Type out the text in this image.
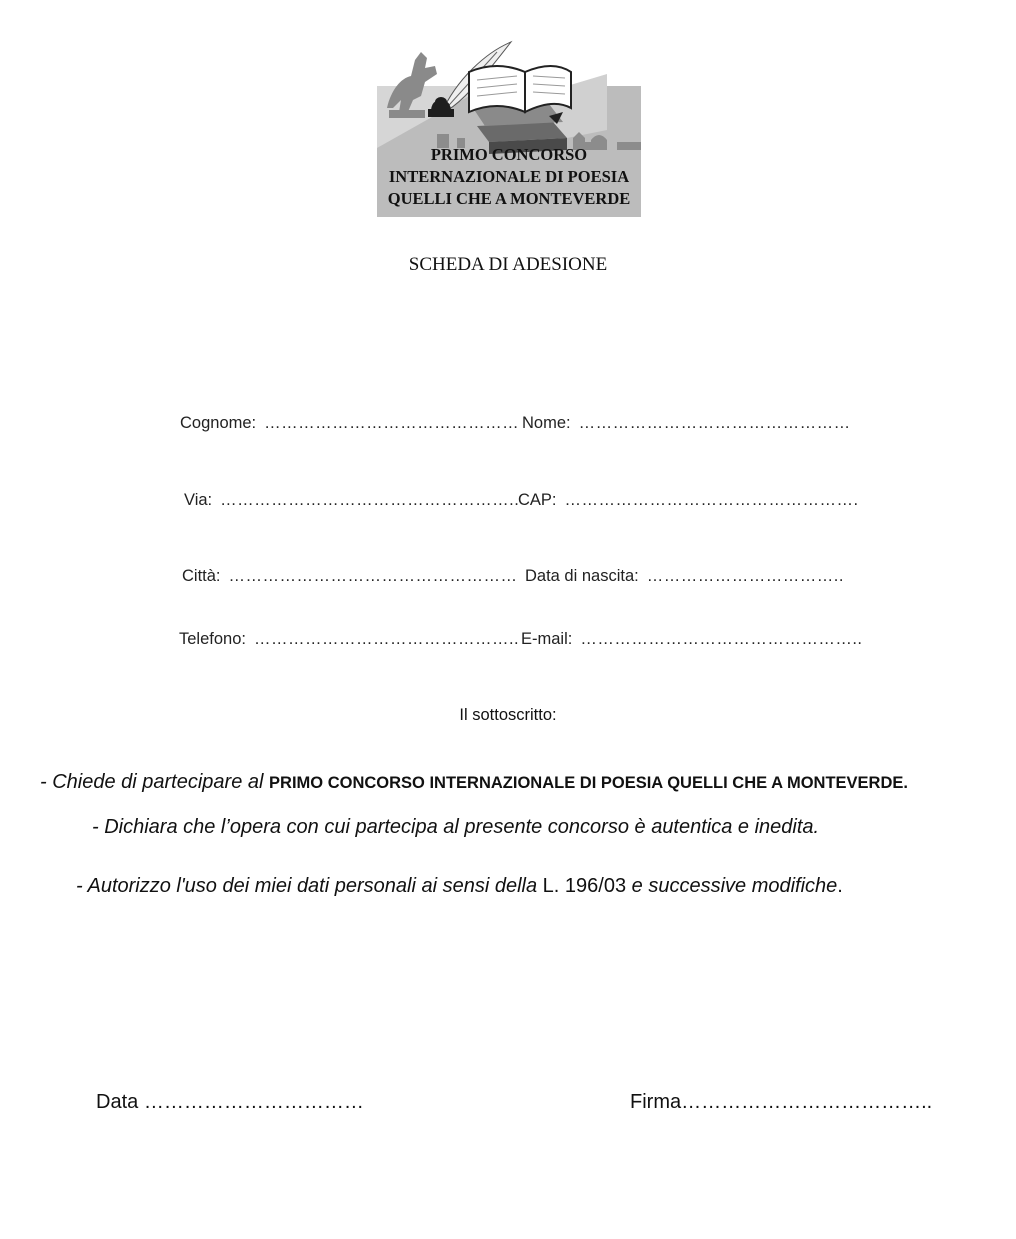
PRIMO CONCORSO
INTERNAZIONALE DI POESIA
QUELLI CHE A MONTEVERDE
SCHEDA DI ADESIONE
Cognome: ……………………………………… Nome: …………………………………………
Via: ……………………………………………..
CAP: …………………………………………….
Città: …………………………………………… Data di nascita: ……………………………..
Telefono: ……………………………………….. E-mail: …………………………………………..
Il sottoscritto:
- Chiede di partecipare al PRIMO CONCORSO INTERNAZIONALE DI POESIA QUELLI CHE A MONTEVERDE.
- Dichiara che l’opera con cui partecipa al presente concorso è autentica e inedita.
- Autorizzo l'uso dei miei dati personali ai sensi della L. 196/03 e successive modifiche.
Data ……………………………	Firma………………………………..
